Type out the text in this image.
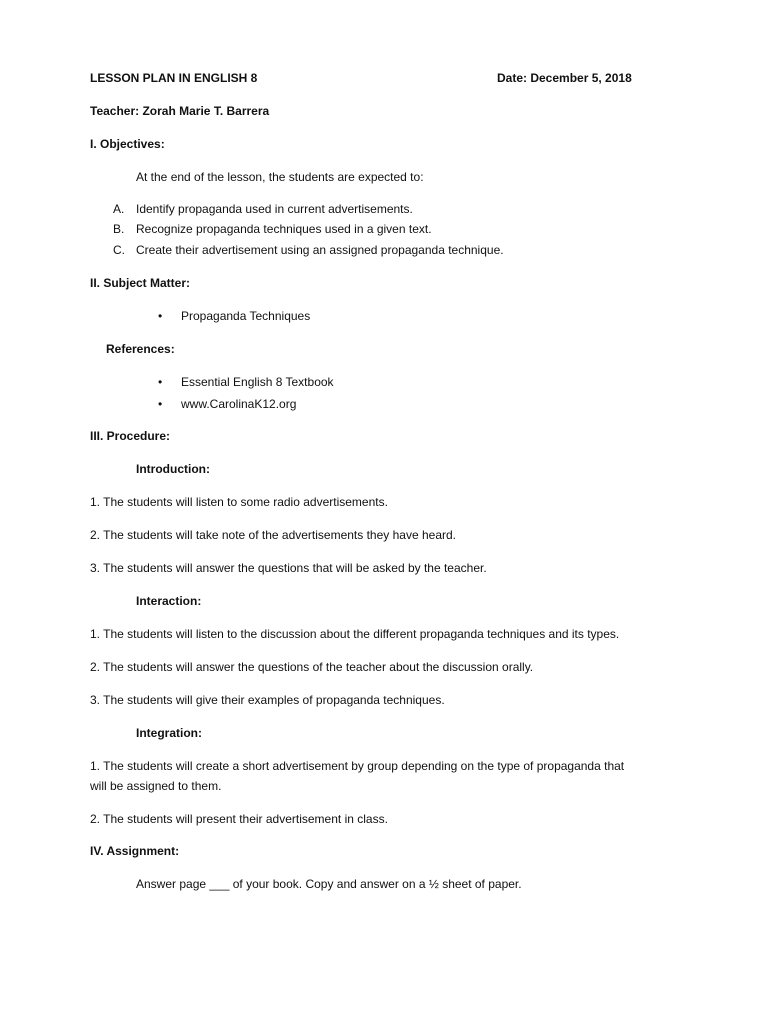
LESSON PLAN IN ENGLISH 8	Date: December 5, 2018
Teacher: Zorah Marie T. Barrera
I. Objectives:
At the end of the lesson, the students are expected to:
A. Identify propaganda used in current advertisements.
B. Recognize propaganda techniques used in a given text.
C. Create their advertisement using an assigned propaganda technique.
II. Subject Matter:
• Propaganda Techniques
References:
• Essential English 8 Textbook
• www.CarolinaK12.org
III. Procedure:
Introduction:
1. The students will listen to some radio advertisements.
2. The students will take note of the advertisements they have heard.
3. The students will answer the questions that will be asked by the teacher.
Interaction:
1. The students will listen to the discussion about the different propaganda techniques and its types.
2. The students will answer the questions of the teacher about the discussion orally.
3. The students will give their examples of propaganda techniques.
Integration:
1. The students will create a short advertisement by group depending on the type of propaganda that
will be assigned to them.
2. The students will present their advertisement in class.
IV. Assignment:
Answer page ___ of your book. Copy and answer on a ½ sheet of paper.
